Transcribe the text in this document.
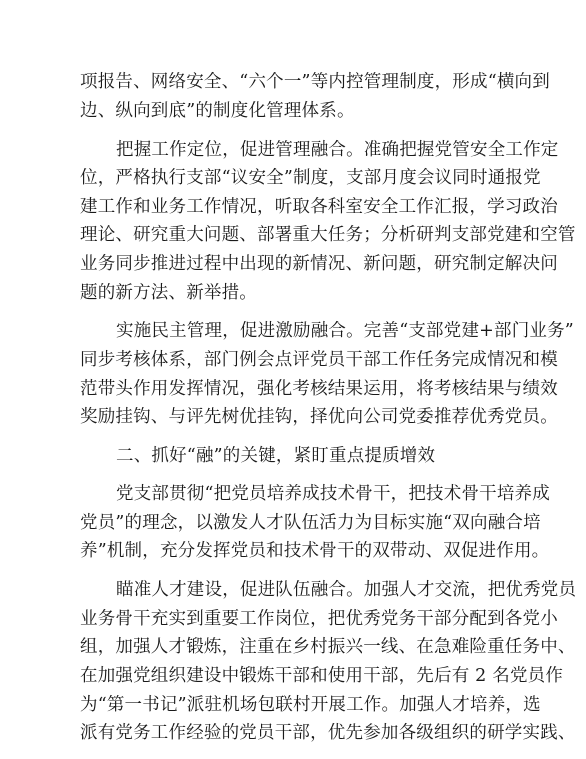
项报告、网络安全、“六个一”等内控管理制度，形成“横向到
边、纵向到底”的制度化管理体系。
把握工作定位，促进管理融合。准确把握党管安全工作定
位，严格执行支部“议安全”制度，支部月度会议同时通报党
建工作和业务工作情况，听取各科室安全工作汇报，学习政治
理论、研究重大问题、部署重大任务；分析研判支部党建和空管
业务同步推进过程中出现的新情况、新问题，研究制定解决问
题的新方法、新举措。
实施民主管理，促进激励融合。完善“支部党建+部门业务”
同步考核体系，部门例会点评党员干部工作任务完成情况和模
范带头作用发挥情况，强化考核结果运用，将考核结果与绩效
奖励挂钩、与评先树优挂钩，择优向公司党委推荐优秀党员。
二、抓好“融”的关键，紧盯重点提质增效
党支部贯彻“把党员培养成技术骨干，把技术骨干培养成
党员”的理念，以激发人才队伍活力为目标实施“双向融合培
养”机制，充分发挥党员和技术骨干的双带动、双促进作用。
瞄准人才建设，促进队伍融合。加强人才交流，把优秀党员
业务骨干充实到重要工作岗位，把优秀党务干部分配到各党小
组，加强人才锻炼，注重在乡村振兴一线、在急难险重任务中、
在加强党组织建设中锻炼干部和使用干部，先后有 2 名党员作
为“第一书记”派驻机场包联村开展工作。加强人才培养，选
派有党务工作经验的党员干部，优先参加各级组织的研学实践、
